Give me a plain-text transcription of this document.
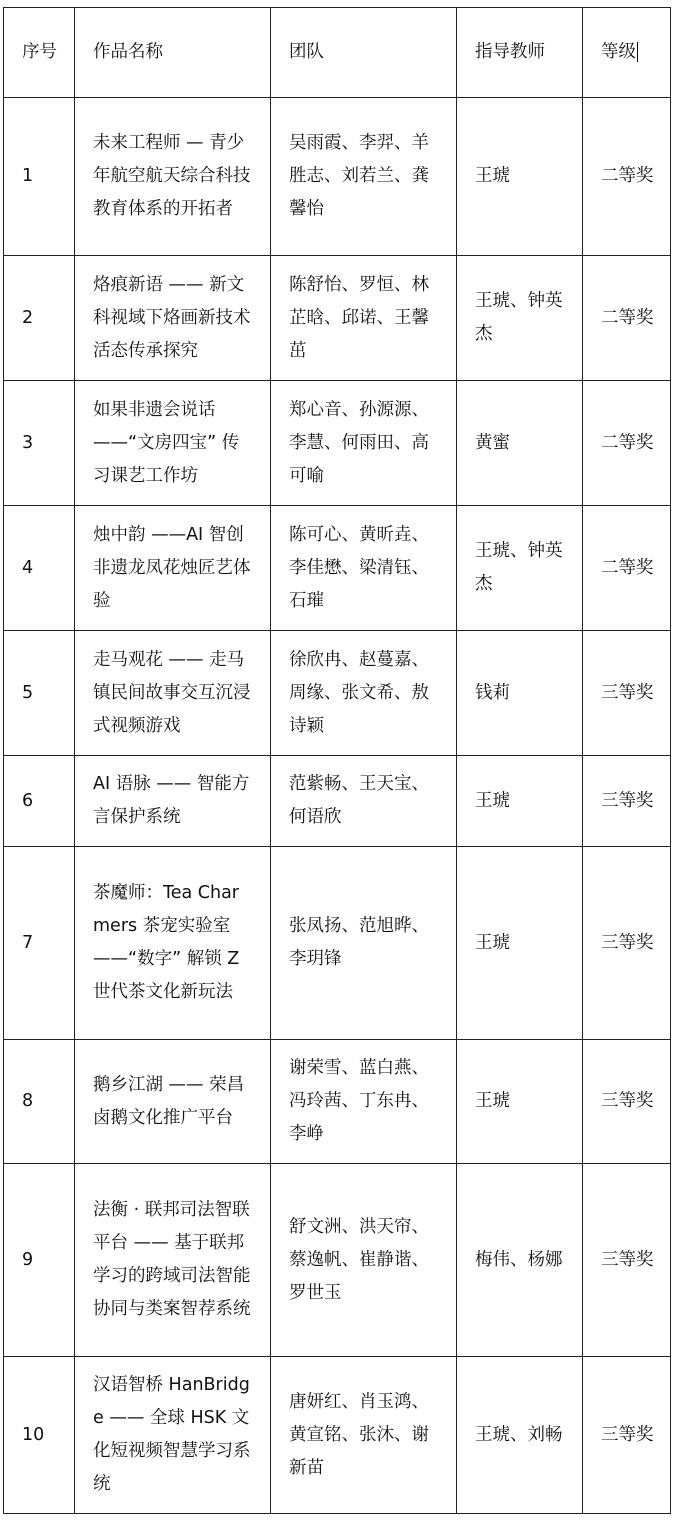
序号	作品名称	团队	指导教师	等级
1	未来工程师 — 青少年航空航天综合科技教育体系的开拓者	吴雨霞、李羿、羊胜志、刘若兰、龚馨怡	王琥	二等奖
2	烙痕新语 —— 新文科视域下烙画新技术活态传承探究	陈舒怡、罗恒、林芷晗、邱诺、王馨茁	王琥、钟英杰	二等奖
3	如果非遗会说话 ——“文房四宝” 传习课艺工作坊	郑心音、孙源源、李慧、何雨田、高可喻	黄蜜	二等奖
4	烛中韵 ——AI 智创非遗龙凤花烛匠艺体验	陈可心、黄昕垚、李佳懋、梁清钰、石璀	王琥、钟英杰	二等奖
5	走马观花 —— 走马镇民间故事交互沉浸式视频游戏	徐欣冉、赵蔓嘉、周缘、张文希、敖诗颖	钱莉	三等奖
6	AI 语脉 —— 智能方言保护系统	范紫畅、王天宝、何语欣	王琥	三等奖
7	茶魔师：Tea Charmers 茶宠实验室 ——“数字” 解锁 Z 世代茶文化新玩法	张凤扬、范旭晔、李玥锋	王琥	三等奖
8	鹅乡江湖 —— 荣昌卤鹅文化推广平台	谢荣雪、蓝白燕、冯玲茜、丁东冉、李峥	王琥	三等奖
9	法衡 · 联邦司法智联平台 —— 基于联邦学习的跨域司法智能协同与类案智荐系统	舒文洲、洪天帘、蔡逸帆、崔静谐、罗世玉	梅伟、杨娜	三等奖
10	汉语智桥 HanBridge —— 全球 HSK 文化短视频智慧学习系统	唐妍红、肖玉鸿、黄宣铭、张沐、谢新苗	王琥、刘畅	三等奖
